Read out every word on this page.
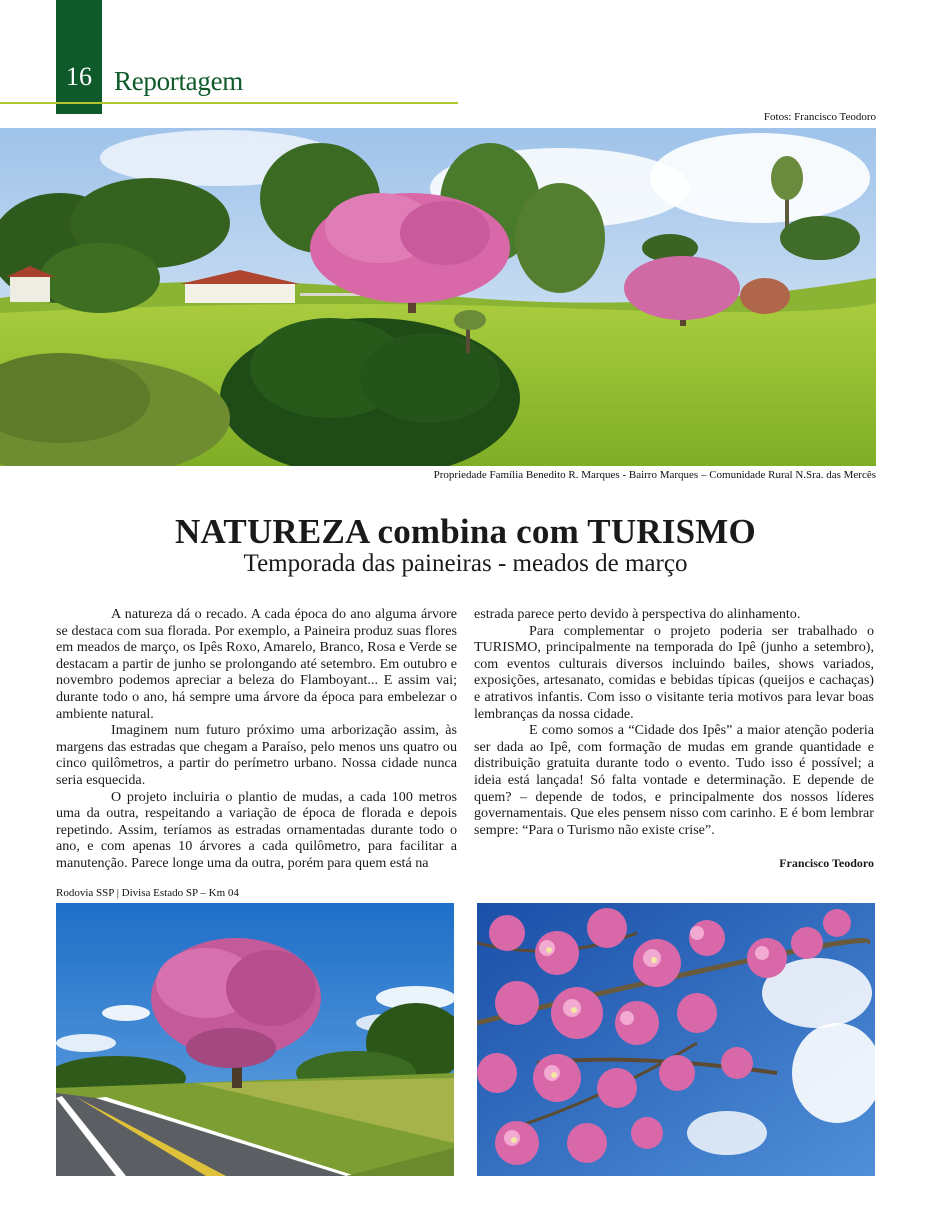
16 Reportagem
Fotos: Francisco Teodoro
Propriedade Família Benedito R. Marques - Bairro Marques – Comunidade Rural N.Sra. das Mercês
NATUREZA combina com TURISMO
Temporada das paineiras - meados de março

A natureza dá o recado. A cada época do ano alguma árvore se destaca com sua florada. Por exemplo, a Paineira produz suas flores em meados de março, os Ipês Roxo, Amarelo, Branco, Rosa e Verde se destacam a partir de junho se prolongando até setembro. Em outubro e novembro podemos apreciar a beleza do Flamboyant... E assim vai; durante todo o ano, há sempre uma árvore da época para embelezar o ambiente natural.

Imaginem num futuro próximo uma arborização assim, às margens das estradas que chegam a Paraíso, pelo menos uns quatro ou cinco quilômetros, a partir do perímetro urbano. Nossa cidade nunca seria esquecida.

O projeto incluiria o plantio de mudas, a cada 100 metros uma da outra, respeitando a variação de época de florada e depois repetindo. Assim, teríamos as estradas ornamentadas durante todo o ano, e com apenas 10 árvores a cada quilômetro, para facilitar a manutenção. Parece longe uma da outra, porém para quem está na

estrada parece perto devido à perspectiva do alinhamento.

Para complementar o projeto poderia ser trabalhado o TURISMO, principalmente na temporada do Ipê (junho a setembro), com eventos culturais diversos incluindo bailes, shows variados, exposições, artesanato, comidas e bebidas típicas (queijos e cachaças) e atrativos infantis. Com isso o visitante teria motivos para levar boas lembranças da nossa cidade.

E como somos a “Cidade dos Ipês” a maior atenção poderia ser dada ao Ipê, com formação de mudas em grande quantidade e distribuição gratuita durante todo o evento. Tudo isso é possível; a ideia está lançada! Só falta vontade e determinação. E depende de quem? – depende de todos, e principalmente dos nossos líderes governamentais. Que eles pensem nisso com carinho. E é bom lembrar sempre: “Para o Turismo não existe crise”.

Francisco Teodoro
Rodovia SSP | Divisa Estado SP – Km 04
